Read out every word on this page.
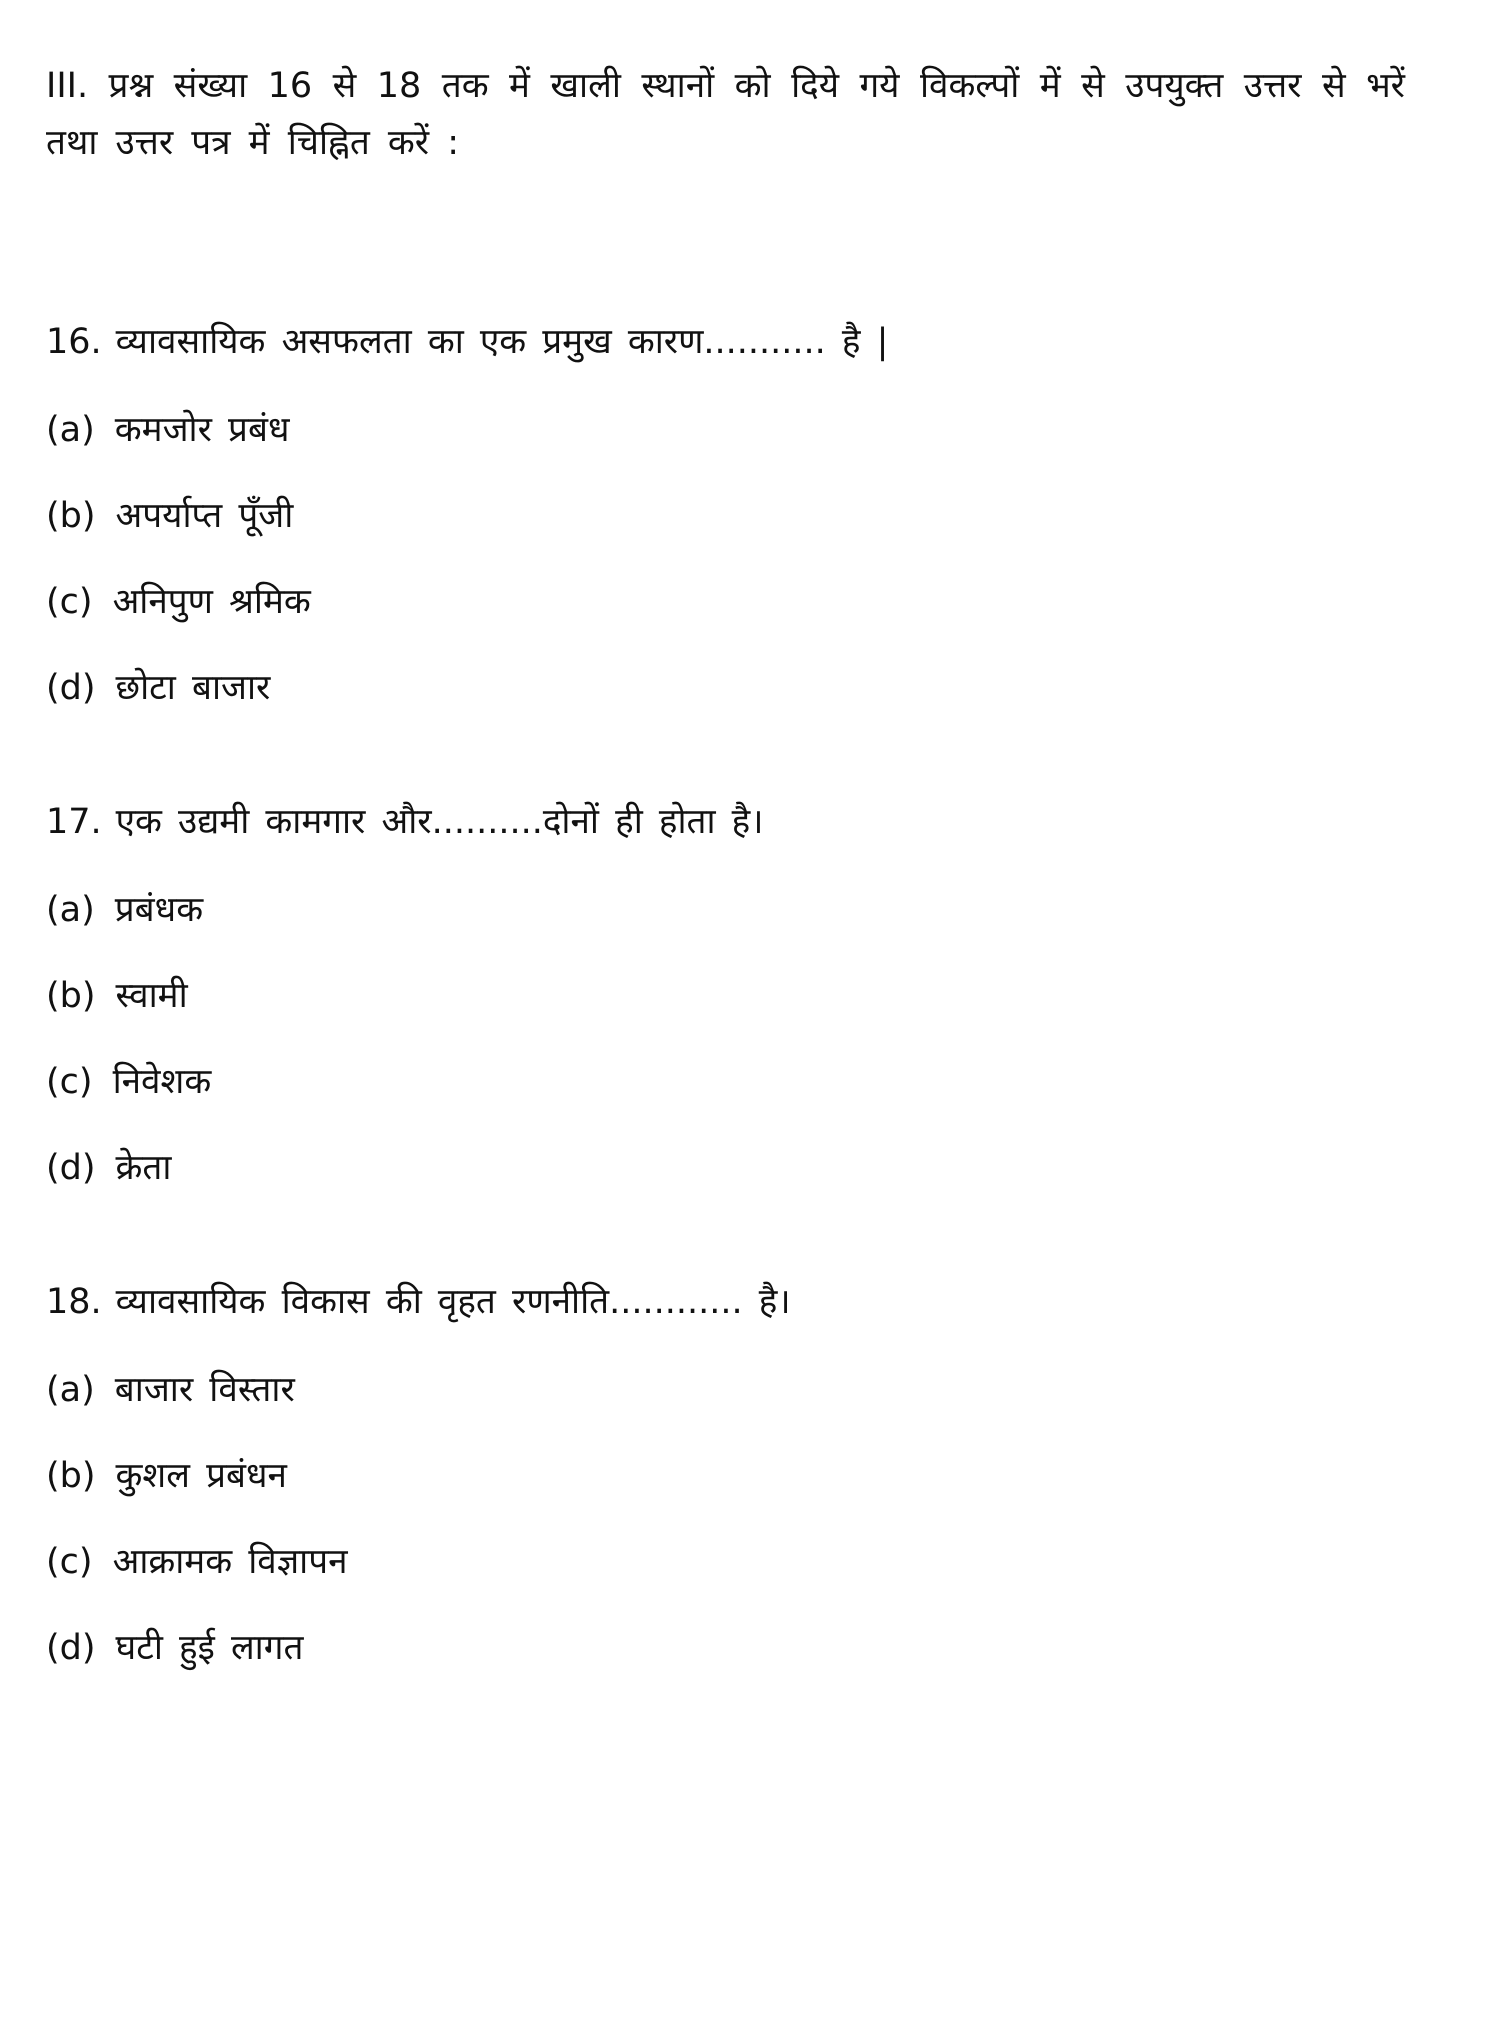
III. प्रश्न संख्या 16 से 18 तक में खाली स्थानों को दिये गये विकल्पों में से उपयुक्त उत्तर से भरें तथा उत्तर पत्र में चिह्नित करें :

16. व्यावसायिक असफलता का एक प्रमुख कारण........... है |

(a) कमजोर प्रबंध

(b) अपर्याप्त पूँजी

(c) अनिपुण श्रमिक

(d) छोटा बाजार

17. एक उद्यमी कामगार और..........दोनों ही होता है।

(a) प्रबंधक

(b) स्वामी

(c) निवेशक

(d) क्रेता

18. व्यावसायिक विकास की वृहत रणनीति............ है।

(a) बाजार विस्तार

(b) कुशल प्रबंधन

(c) आक्रामक विज्ञापन

(d) घटी हुई लागत
